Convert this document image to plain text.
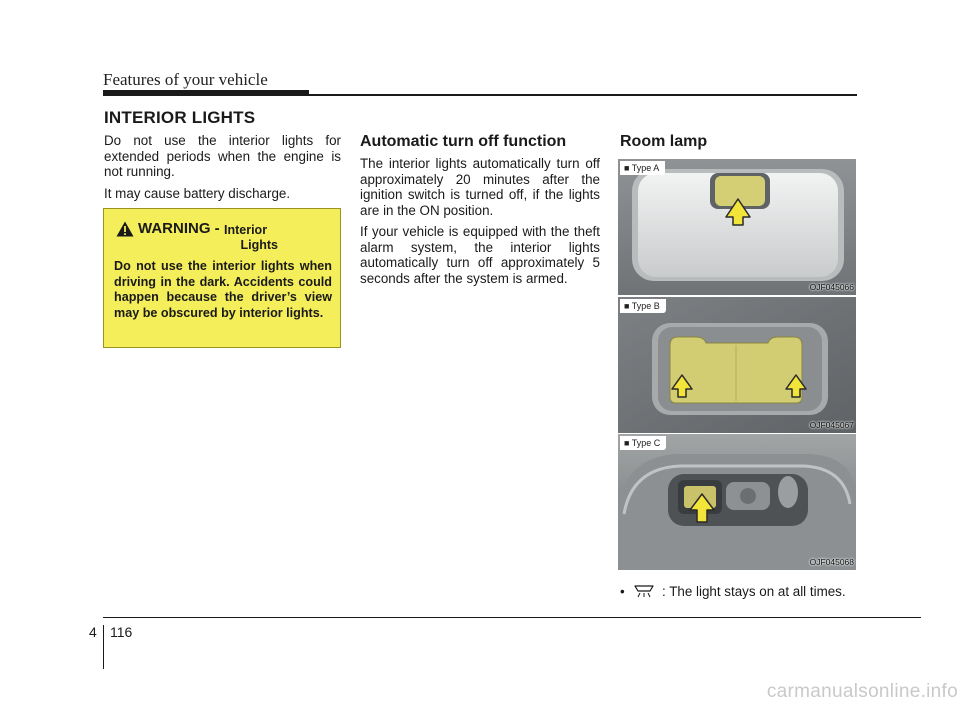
Features of your vehicle
INTERIOR LIGHTS

Do not use the interior lights for extended periods when the engine is not running.

It may cause battery discharge.

WARNING - Interior
Lights
Do not use the interior lights when driving in the dark. Accidents could happen because the driver’s view may be obscured by interior lights.
Automatic turn off function

The interior lights automatically turn off approximately 20 minutes after the ignition switch is turned off, if the lights are in the ON position.

If your vehicle is equipped with the theft alarm system, the interior lights automatically turn off approximately 5 seconds after the system is armed.

Room lamp
■ Type A
OJF045066
■ Type B
OJF045067
■ Type C
OJF045068
•	: The light stays on at all times.
4 116
carmanualsonline.info
